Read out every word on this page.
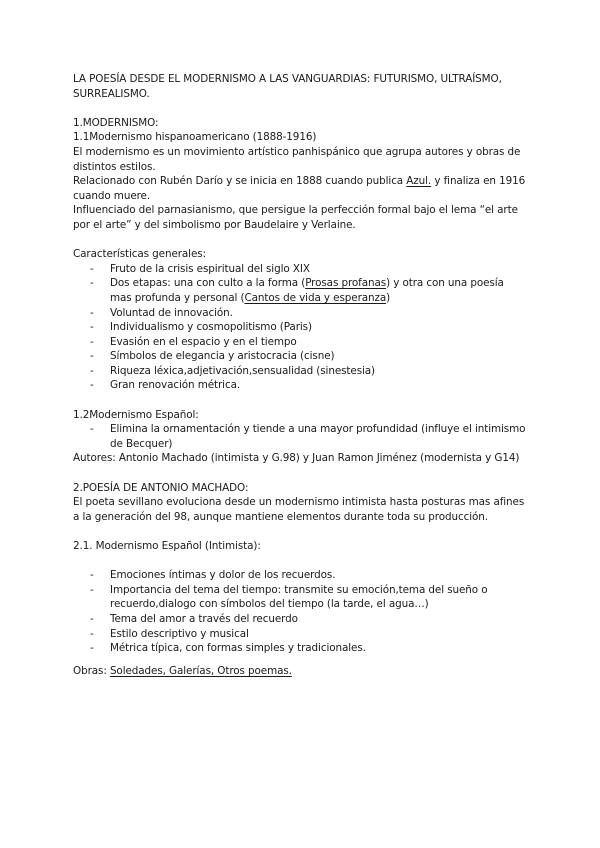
LA POESÍA DESDE EL MODERNISMO A LAS VANGUARDIAS: FUTURISMO, ULTRAÍSMO, SURREALISMO.

1.MODERNISMO:

1.1Modernismo hispanoamericano (1888-1916)

El modernismo es un movimiento artístico panhispánico que agrupa autores y obras de distintos estilos.

Relacionado con Rubén Darío y se inicia en 1888 cuando publica Azul. y finaliza en 1916 cuando muere.

Influenciado del parnasianismo, que persigue la perfección formal bajo el lema “el arte por el arte” y del simbolismo por Baudelaire y Verlaine.

Características generales:

- Fruto de la crisis espiritual del siglo XIX
- Dos etapas: una con culto a la forma (Prosas profanas) y otra con una poesía mas profunda y personal (Cantos de vida y esperanza)
- Voluntad de innovación.
- Individualismo y cosmopolitismo (Paris)
- Evasión en el espacio y en el tiempo
- Símbolos de elegancia y aristocracia (cisne)
- Riqueza léxica,adjetivación,sensualidad (sinestesia)
- Gran renovación métrica.

1.2Modernismo Español:

- Elimina la ornamentación y tiende a una mayor profundidad (influye el intimismo de Becquer)

Autores: Antonio Machado (intimista y G.98) y Juan Ramon Jiménez (modernista y G14)

2.POESÍA DE ANTONIO MACHADO:

El poeta sevillano evoluciona desde un modernismo intimista hasta posturas mas afines a la generación del 98, aunque mantiene elementos durante toda su producción.

2.1. Modernismo Español (Intimista):

- Emociones íntimas y dolor de los recuerdos.
- Importancia del tema del tiempo: transmite su emoción,tema del sueño o recuerdo,dialogo con símbolos del tiempo (la tarde, el agua…)
- Tema del amor a través del recuerdo
- Estilo descriptivo y musical
- Métrica típica, con formas simples y tradicionales.

Obras: Soledades, Galerías, Otros poemas.
